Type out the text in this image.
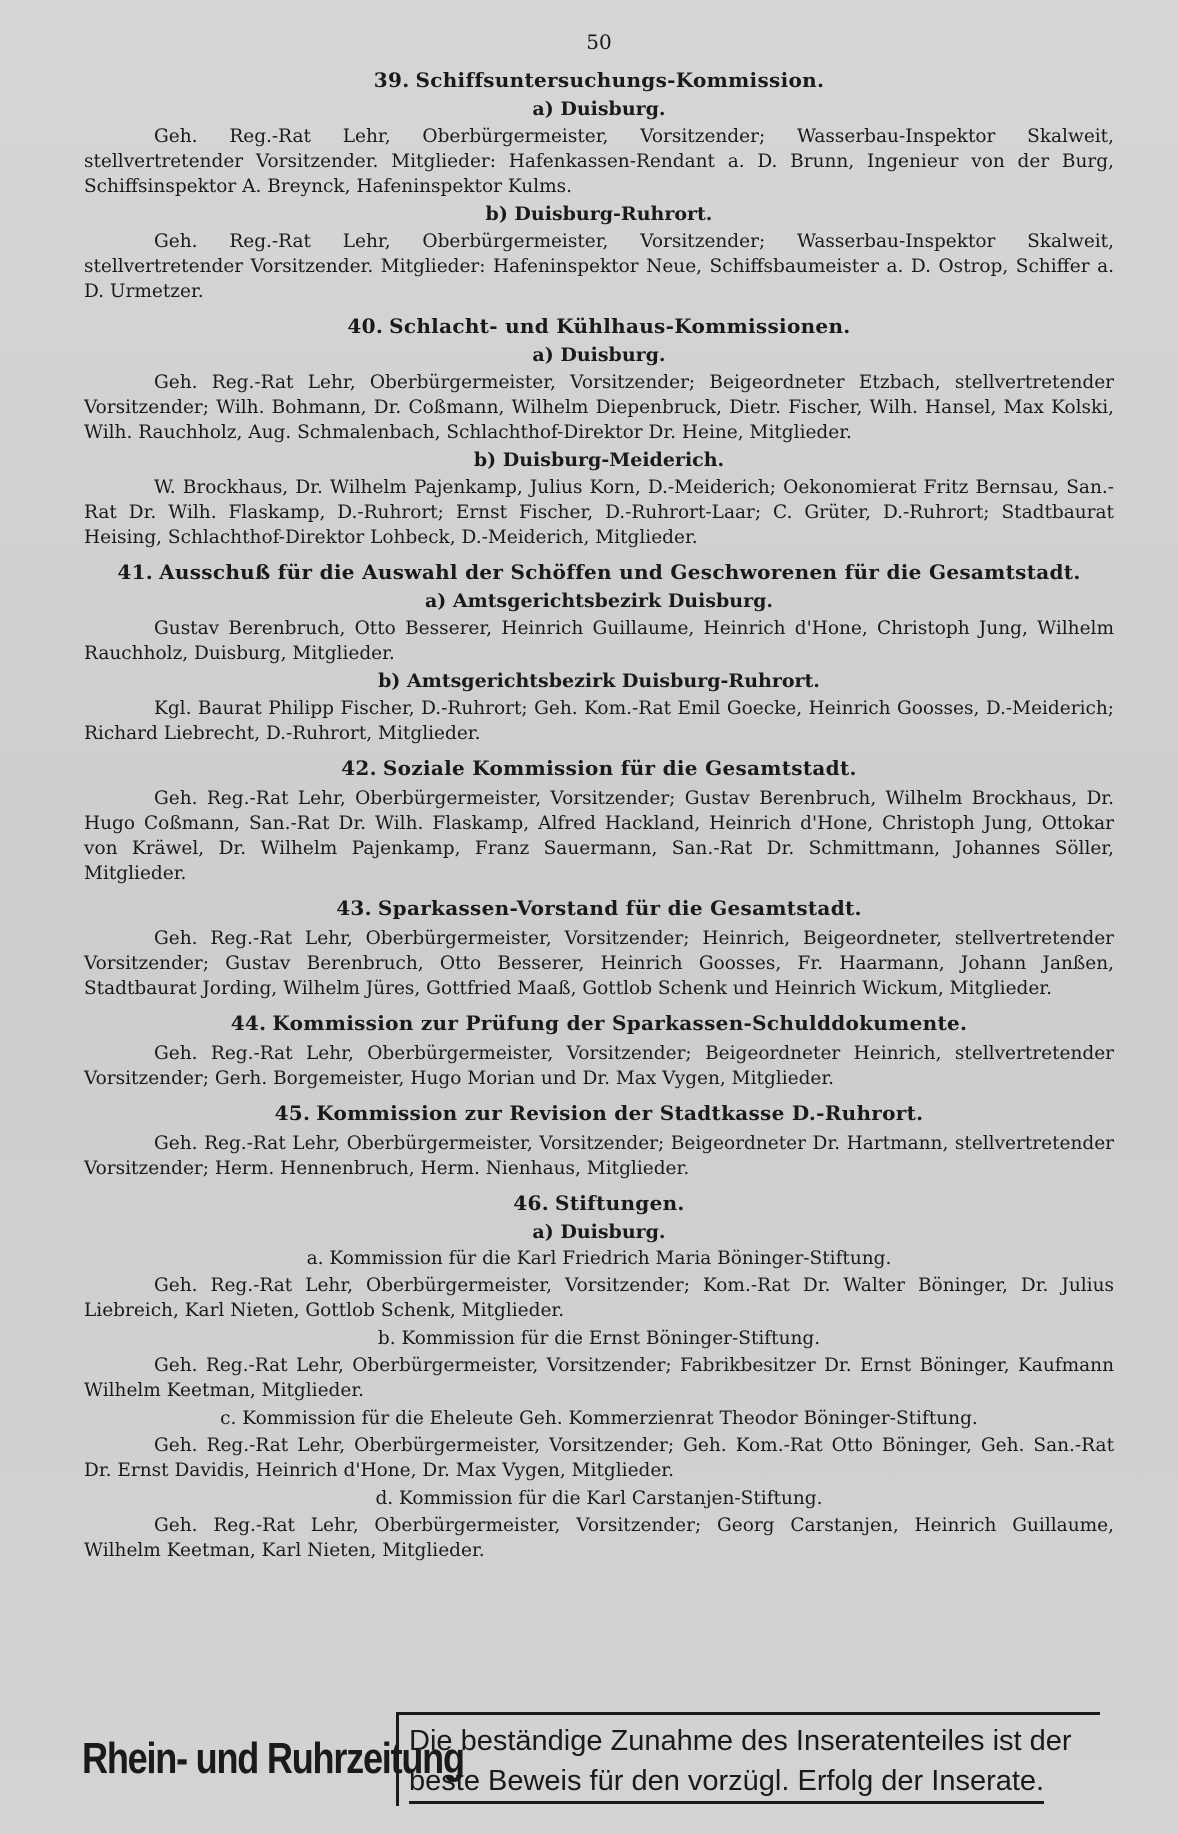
50
39. Schiffsuntersuchungs-Kommission.
a) Duisburg.
Geh. Reg.-Rat Lehr, Oberbürgermeister, Vorsitzender; Wasserbau-Inspektor Skalweit, stellvertretender Vorsitzender. Mitglieder: Hafenkassen-Rendant a. D. Brunn, Ingenieur von der Burg, Schiffsinspektor A. Breynck, Hafeninspektor Kulms.
b) Duisburg-Ruhrort.
Geh. Reg.-Rat Lehr, Oberbürgermeister, Vorsitzender; Wasserbau-Inspektor Skalweit, stellvertretender Vorsitzender. Mitglieder: Hafeninspektor Neue, Schiffsbaumeister a. D. Ostrop, Schiffer a. D. Urmetzer.
40. Schlacht- und Kühlhaus-Kommissionen.
a) Duisburg.
Geh. Reg.-Rat Lehr, Oberbürgermeister, Vorsitzender; Beigeordneter Etzbach, stellvertretender Vorsitzender; Wilh. Bohmann, Dr. Coßmann, Wilhelm Diepenbruck, Dietr. Fischer, Wilh. Hansel, Max Kolski, Wilh. Rauchholz, Aug. Schmalenbach, Schlachthof-Direktor Dr. Heine, Mitglieder.
b) Duisburg-Meiderich.
W. Brockhaus, Dr. Wilhelm Pajenkamp, Julius Korn, D.-Meiderich; Oekonomierat Fritz Bernsau, San.-Rat Dr. Wilh. Flaskamp, D.-Ruhrort; Ernst Fischer, D.-Ruhrort-Laar; C. Grüter, D.-Ruhrort; Stadtbaurat Heising, Schlachthof-Direktor Lohbeck, D.-Meiderich, Mitglieder.
41. Ausschuß für die Auswahl der Schöffen und Geschworenen für die Gesamtstadt.
a) Amtsgerichtsbezirk Duisburg.
Gustav Berenbruch, Otto Besserer, Heinrich Guillaume, Heinrich d'Hone, Christoph Jung, Wilhelm Rauchholz, Duisburg, Mitglieder.
b) Amtsgerichtsbezirk Duisburg-Ruhrort.
Kgl. Baurat Philipp Fischer, D.-Ruhrort; Geh. Kom.-Rat Emil Goecke, Heinrich Goosses, D.-Meiderich; Richard Liebrecht, D.-Ruhrort, Mitglieder.
42. Soziale Kommission für die Gesamtstadt.
Geh. Reg.-Rat Lehr, Oberbürgermeister, Vorsitzender; Gustav Berenbruch, Wilhelm Brockhaus, Dr. Hugo Coßmann, San.-Rat Dr. Wilh. Flaskamp, Alfred Hackland, Heinrich d'Hone, Christoph Jung, Ottokar von Kräwel, Dr. Wilhelm Pajenkamp, Franz Sauermann, San.-Rat Dr. Schmittmann, Johannes Söller, Mitglieder.
43. Sparkassen-Vorstand für die Gesamtstadt.
Geh. Reg.-Rat Lehr, Oberbürgermeister, Vorsitzender; Heinrich, Beigeordneter, stellvertretender Vorsitzender; Gustav Berenbruch, Otto Besserer, Heinrich Goosses, Fr. Haarmann, Johann Janßen, Stadtbaurat Jording, Wilhelm Jüres, Gottfried Maaß, Gottlob Schenk und Heinrich Wickum, Mitglieder.
44. Kommission zur Prüfung der Sparkassen-Schulddokumente.
Geh. Reg.-Rat Lehr, Oberbürgermeister, Vorsitzender; Beigeordneter Heinrich, stellvertretender Vorsitzender; Gerh. Borgemeister, Hugo Morian und Dr. Max Vygen, Mitglieder.
45. Kommission zur Revision der Stadtkasse D.-Ruhrort.
Geh. Reg.-Rat Lehr, Oberbürgermeister, Vorsitzender; Beigeordneter Dr. Hartmann, stellvertretender Vorsitzender; Herm. Hennenbruch, Herm. Nienhaus, Mitglieder.
46. Stiftungen.
a) Duisburg.
a. Kommission für die Karl Friedrich Maria Böninger-Stiftung.
Geh. Reg.-Rat Lehr, Oberbürgermeister, Vorsitzender; Kom.-Rat Dr. Walter Böninger, Dr. Julius Liebreich, Karl Nieten, Gottlob Schenk, Mitglieder.
b. Kommission für die Ernst Böninger-Stiftung.
Geh. Reg.-Rat Lehr, Oberbürgermeister, Vorsitzender; Fabrikbesitzer Dr. Ernst Böninger, Kaufmann Wilhelm Keetman, Mitglieder.
c. Kommission für die Eheleute Geh. Kommerzienrat Theodor Böninger-Stiftung.
Geh. Reg.-Rat Lehr, Oberbürgermeister, Vorsitzender; Geh. Kom.-Rat Otto Böninger, Geh. San.-Rat Dr. Ernst Davidis, Heinrich d'Hone, Dr. Max Vygen, Mitglieder.
d. Kommission für die Karl Carstanjen-Stiftung.
Geh. Reg.-Rat Lehr, Oberbürgermeister, Vorsitzender; Georg Carstanjen, Heinrich Guillaume, Wilhelm Keetman, Karl Nieten, Mitglieder.
Rhein- und Ruhrzeitung
Die beständige Zunahme des Inseratenteiles ist der
beste Beweis für den vorzügl. Erfolg der Inserate.
